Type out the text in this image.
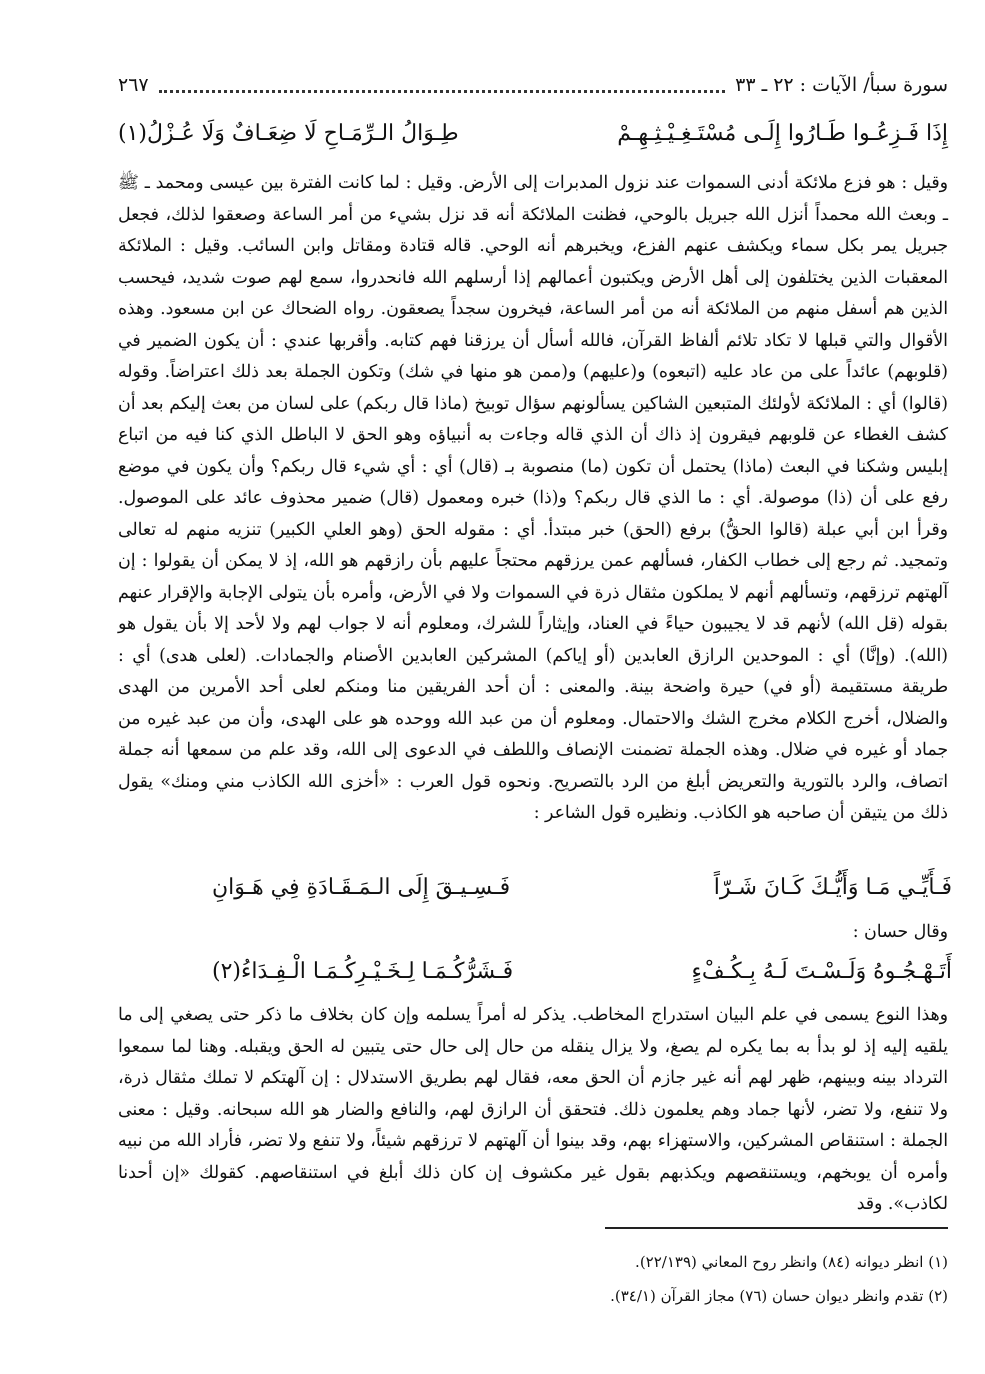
سورة سبأ/ الآيات : ٢٢ ـ ٣٣
٢٦٧
إِذَا فَـزِعُـوا طَـارُوا إِلَـى مُسْتَـغِـيْـثِـهِـمْ
طِـوَالُ الـرِّمَـاحِ لَا ضِعَـافٌ وَلَا عُـزْلُ(١)

وقيل : هو فزع ملائكة أدنى السموات عند نزول المدبرات إلى الأرض. وقيل : لما كانت الفترة بين عيسى ومحمد ـ ﷺ ـ وبعث الله محمداً أنزل الله جبريل بالوحي، فظنت الملائكة أنه قد نزل بشيء من أمر الساعة وصعقوا لذلك، فجعل جبريل يمر بكل سماء ويكشف عنهم الفزع، ويخبرهم أنه الوحي. قاله قتادة ومقاتل وابن السائب. وقيل : الملائكة المعقبات الذين يختلفون إلى أهل الأرض ويكتبون أعمالهم إذا أرسلهم الله فانحدروا، سمع لهم صوت شديد، فيحسب الذين هم أسفل منهم من الملائكة أنه من أمر الساعة، فيخرون سجداً يصعقون. رواه الضحاك عن ابن مسعود. وهذه الأقوال والتي قبلها لا تكاد تلائم ألفاظ القرآن، فالله أسأل أن يرزقنا فهم كتابه. وأقربها عندي : أن يكون الضمير في (قلوبهم) عائداً على من عاد عليه (اتبعوه) و(عليهم) و(ممن هو منها في شك) وتكون الجملة بعد ذلك اعتراضاً. وقوله (قالوا) أي : الملائكة لأولئك المتبعين الشاكين يسألونهم سؤال توبيخ (ماذا قال ربكم) على لسان من بعث إليكم بعد أن كشف الغطاء عن قلوبهم فيقرون إذ ذاك أن الذي قاله وجاءت به أنبياؤه وهو الحق لا الباطل الذي كنا فيه من اتباع إبليس وشكنا في البعث (ماذا) يحتمل أن تكون (ما) منصوبة بـ (قال) أي : أي شيء قال ربكم؟ وأن يكون في موضع رفع على أن (ذا) موصولة. أي : ما الذي قال ربكم؟ و(ذا) خبره ومعمول (قال) ضمير محذوف عائد على الموصول. وقرأ ابن أبي عبلة (قالوا الحقُّ) برفع (الحق) خبر مبتدأ. أي : مقوله الحق (وهو العلي الكبير) تنزيه منهم له تعالى وتمجيد. ثم رجع إلى خطاب الكفار، فسألهم عمن يرزقهم محتجاً عليهم بأن رازقهم هو الله، إذ لا يمكن أن يقولوا : إن آلهتهم ترزقهم، وتسألهم أنهم لا يملكون مثقال ذرة في السموات ولا في الأرض، وأمره بأن يتولى الإجابة والإقرار عنهم بقوله (قل الله) لأنهم قد لا يجيبون حياءً في العناد، وإيثاراً للشرك، ومعلوم أنه لا جواب لهم ولا لأحد إلا بأن يقول هو (الله). (وإنَّا) أي : الموحدين الرازق العابدين (أو إياكم) المشركين العابدين الأصنام والجمادات. (لعلى هدى) أي : طريقة مستقيمة (أو في) حيرة واضحة بينة. والمعنى : أن أحد الفريقين منا ومنكم لعلى أحد الأمرين من الهدى والضلال، أخرج الكلام مخرج الشك والاحتمال. ومعلوم أن من عبد الله ووحده هو على الهدى، وأن من عبد غيره من جماد أو غيره في ضلال. وهذه الجملة تضمنت الإنصاف واللطف في الدعوى إلى الله، وقد علم من سمعها أنه جملة اتصاف، والرد بالتورية والتعريض أبلغ من الرد بالتصريح. ونحوه قول العرب : «أخزى الله الكاذب مني ومنك» يقول ذلك من يتيقن أن صاحبه هو الكاذب. ونظيره قول الشاعر :

فَـأَيِّـي مَـا وَأَيُّـكَ كَـانَ شَـرّاً
فَـسِـيـقَ إِلَى الـمَـقَـادَةِ فِي هَـوَانِ
وقال حسان :
أَتَـهْـجُـوهُ وَلَـسْـتَ لَـهُ بِـكُـفْءٍ
فَـشَرُّكُـمَـا لِـخَـيْـرِكُـمَـا الْـفِـدَاءُ(٢)

وهذا النوع يسمى في علم البيان استدراج المخاطب. يذكر له أمراً يسلمه وإن كان بخلاف ما ذكر حتى يصغي إلى ما يلقيه إليه إذ لو بدأ به بما يكره لم يصغ، ولا يزال ينقله من حال إلى حال حتى يتبين له الحق ويقبله. وهنا لما سمعوا الترداد بينه وبينهم، ظهر لهم أنه غير جازم أن الحق معه، فقال لهم بطريق الاستدلال : إن آلهتكم لا تملك مثقال ذرة، ولا تنفع، ولا تضر، لأنها جماد وهم يعلمون ذلك. فتحقق أن الرازق لهم، والنافع والضار هو الله سبحانه. وقيل : معنى الجملة : استنقاص المشركين، والاستهزاء بهم، وقد بينوا أن آلهتهم لا ترزقهم شيئاً، ولا تنفع ولا تضر، فأراد الله من نبيه وأمره أن يوبخهم، ويستنقصهم ويكذبهم بقول غير مكشوف إن كان ذلك أبلغ في استنقاصهم. كقولك «إن أحدنا لكاذب». وقد

(١) انظر ديوانه (٨٤) وانظر روح المعاني (٢٢/١٣٩).
(٢) تقدم وانظر ديوان حسان (٧٦) مجاز القرآن (٣٤/١).
